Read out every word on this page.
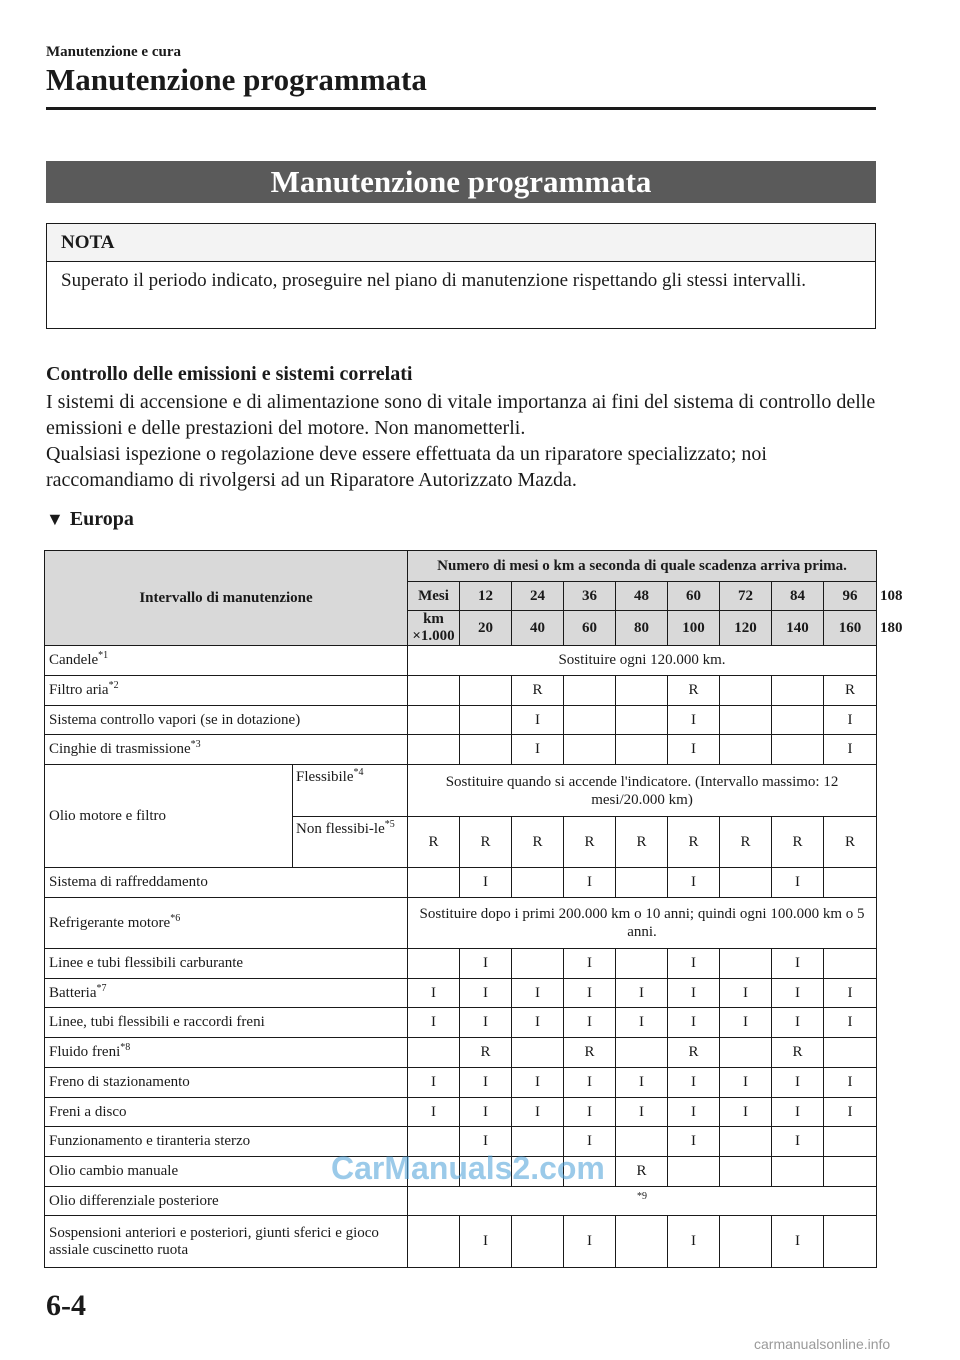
Manutenzione e cura
Manutenzione programmata
Manutenzione programmata
NOTA
Superato il periodo indicato, proseguire nel piano di manutenzione rispettando gli stessi intervalli.
Controllo delle emissioni e sistemi correlati

I sistemi di accensione e di alimentazione sono di vitale importanza ai fini del sistema di controllo delle emissioni e delle prestazioni del motore. Non manometterli.

Qualsiasi ispezione o regolazione deve essere effettuata da un riparatore specializzato; noi raccomandiamo di rivolgersi ad un Riparatore Autorizzato Mazda.

▼ Europa
Intervallo di manutenzione		Numero di mesi o km a seconda di quale scadenza arriva prima.									
		Mesi	12	24	36	48	60	72	84	96	108
		km ×1.000	20	40	60	80	100	120	140	160	180
Candele$^{*1}$		Sostituire ogni 120.000 km.									
Filtro aria$^{*2}$				R			R			R	
Sistema controllo vapori (se in dotazione)				I			I			I	
Cinghie di trasmissione$^{*3}$				I			I			I	
Olio motore e filtro	Flessibile$^{*4}$	Sostituire quando si accende l'indicatore. (Intervallo massimo: 12 mesi/20.000 km)									
	Non flessibi-$le^{*5}$	R	R	R	R	R	R	R	R	R	
Sistema di raffreddamento			I		I		I		I		
Refrigerante motore$^{*6}$		Sostituire dopo i primi 200.000 km o 10 anni; quindi ogni 100.000 km o 5 anni.									
Linee e tubi flessibili carburante			I		I		I		I		
Batteria$^{*7}$		I	I	I	I	I	I	I	I	I	
Linee, tubi flessibili e raccordi freni		I	I	I	I	I	I	I	I	I	
Fluido freni$^{*8}$			R		R		R		R		
Freno di stazionamento		I	I	I	I	I	I	I	I	I	
Freni a disco		I	I	I	I	I	I	I	I	I	
Funzionamento e tiranteria sterzo			I		I		I		I		
Olio cambio manuale						R					
Olio differenziale posteriore		$^{*9}$
Sospensioni anteriori e posteriori, giunti sferici e gioco assiale cuscinetto ruota			I		I		I		I		
CarManuals2.com
6-4
carmanualsonline.info
